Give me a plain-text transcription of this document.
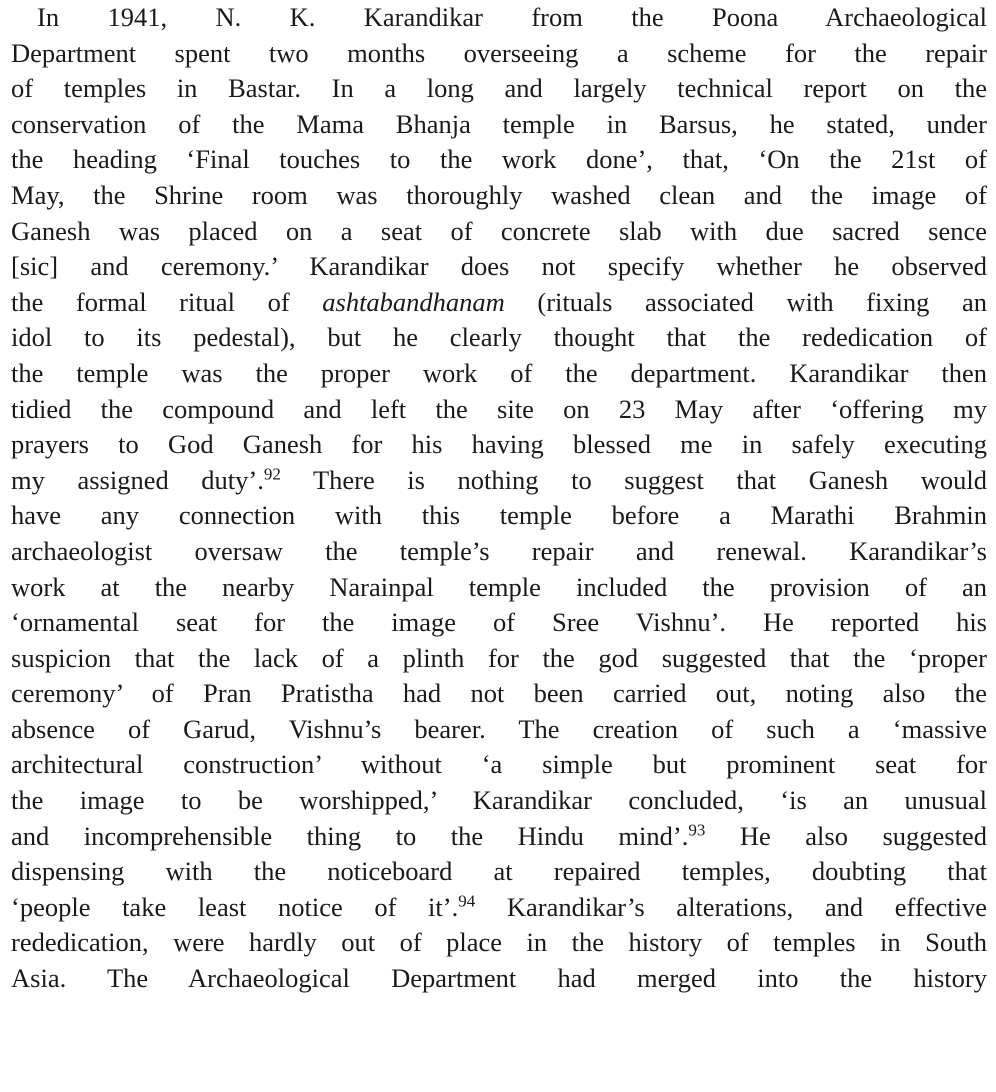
In 1941, N. K. Karandikar from the Poona Archaeological
Department spent two months overseeing a scheme for the repair
of temples in Bastar. In a long and largely technical report on the
conservation of the Mama Bhanja temple in Barsus, he stated, under
the heading ‘Final touches to the work done’, that, ‘On the 21st of
May, the Shrine room was thoroughly washed clean and the image of
Ganesh was placed on a seat of concrete slab with due sacred sence
[sic] and ceremony.’ Karandikar does not specify whether he observed
the formal ritual of ashtabandhanam (rituals associated with fixing an
idol to its pedestal), but he clearly thought that the rededication of
the temple was the proper work of the department. Karandikar then
tidied the compound and left the site on 23 May after ‘offering my
prayers to God Ganesh for his having blessed me in safely executing
my assigned duty’.$^{92}$ There is nothing to suggest that Ganesh would
have any connection with this temple before a Marathi Brahmin
archaeologist oversaw the temple’s repair and renewal. Karandikar’s
work at the nearby Narainpal temple included the provision of an
‘ornamental seat for the image of Sree Vishnu’. He reported his
suspicion that the lack of a plinth for the god suggested that the ‘proper
ceremony’ of Pran Pratistha had not been carried out, noting also the
absence of Garud, Vishnu’s bearer. The creation of such a ‘massive
architectural construction’ without ‘a simple but prominent seat for
the image to be worshipped,’ Karandikar concluded, ‘is an unusual
and incomprehensible thing to the Hindu mind’.$^{93}$ He also suggested
dispensing with the noticeboard at repaired temples, doubting that
‘people take least notice of it’.$^{94}$ Karandikar’s alterations, and effective
rededication, were hardly out of place in the history of temples in South
Asia. The Archaeological Department had merged into the history
